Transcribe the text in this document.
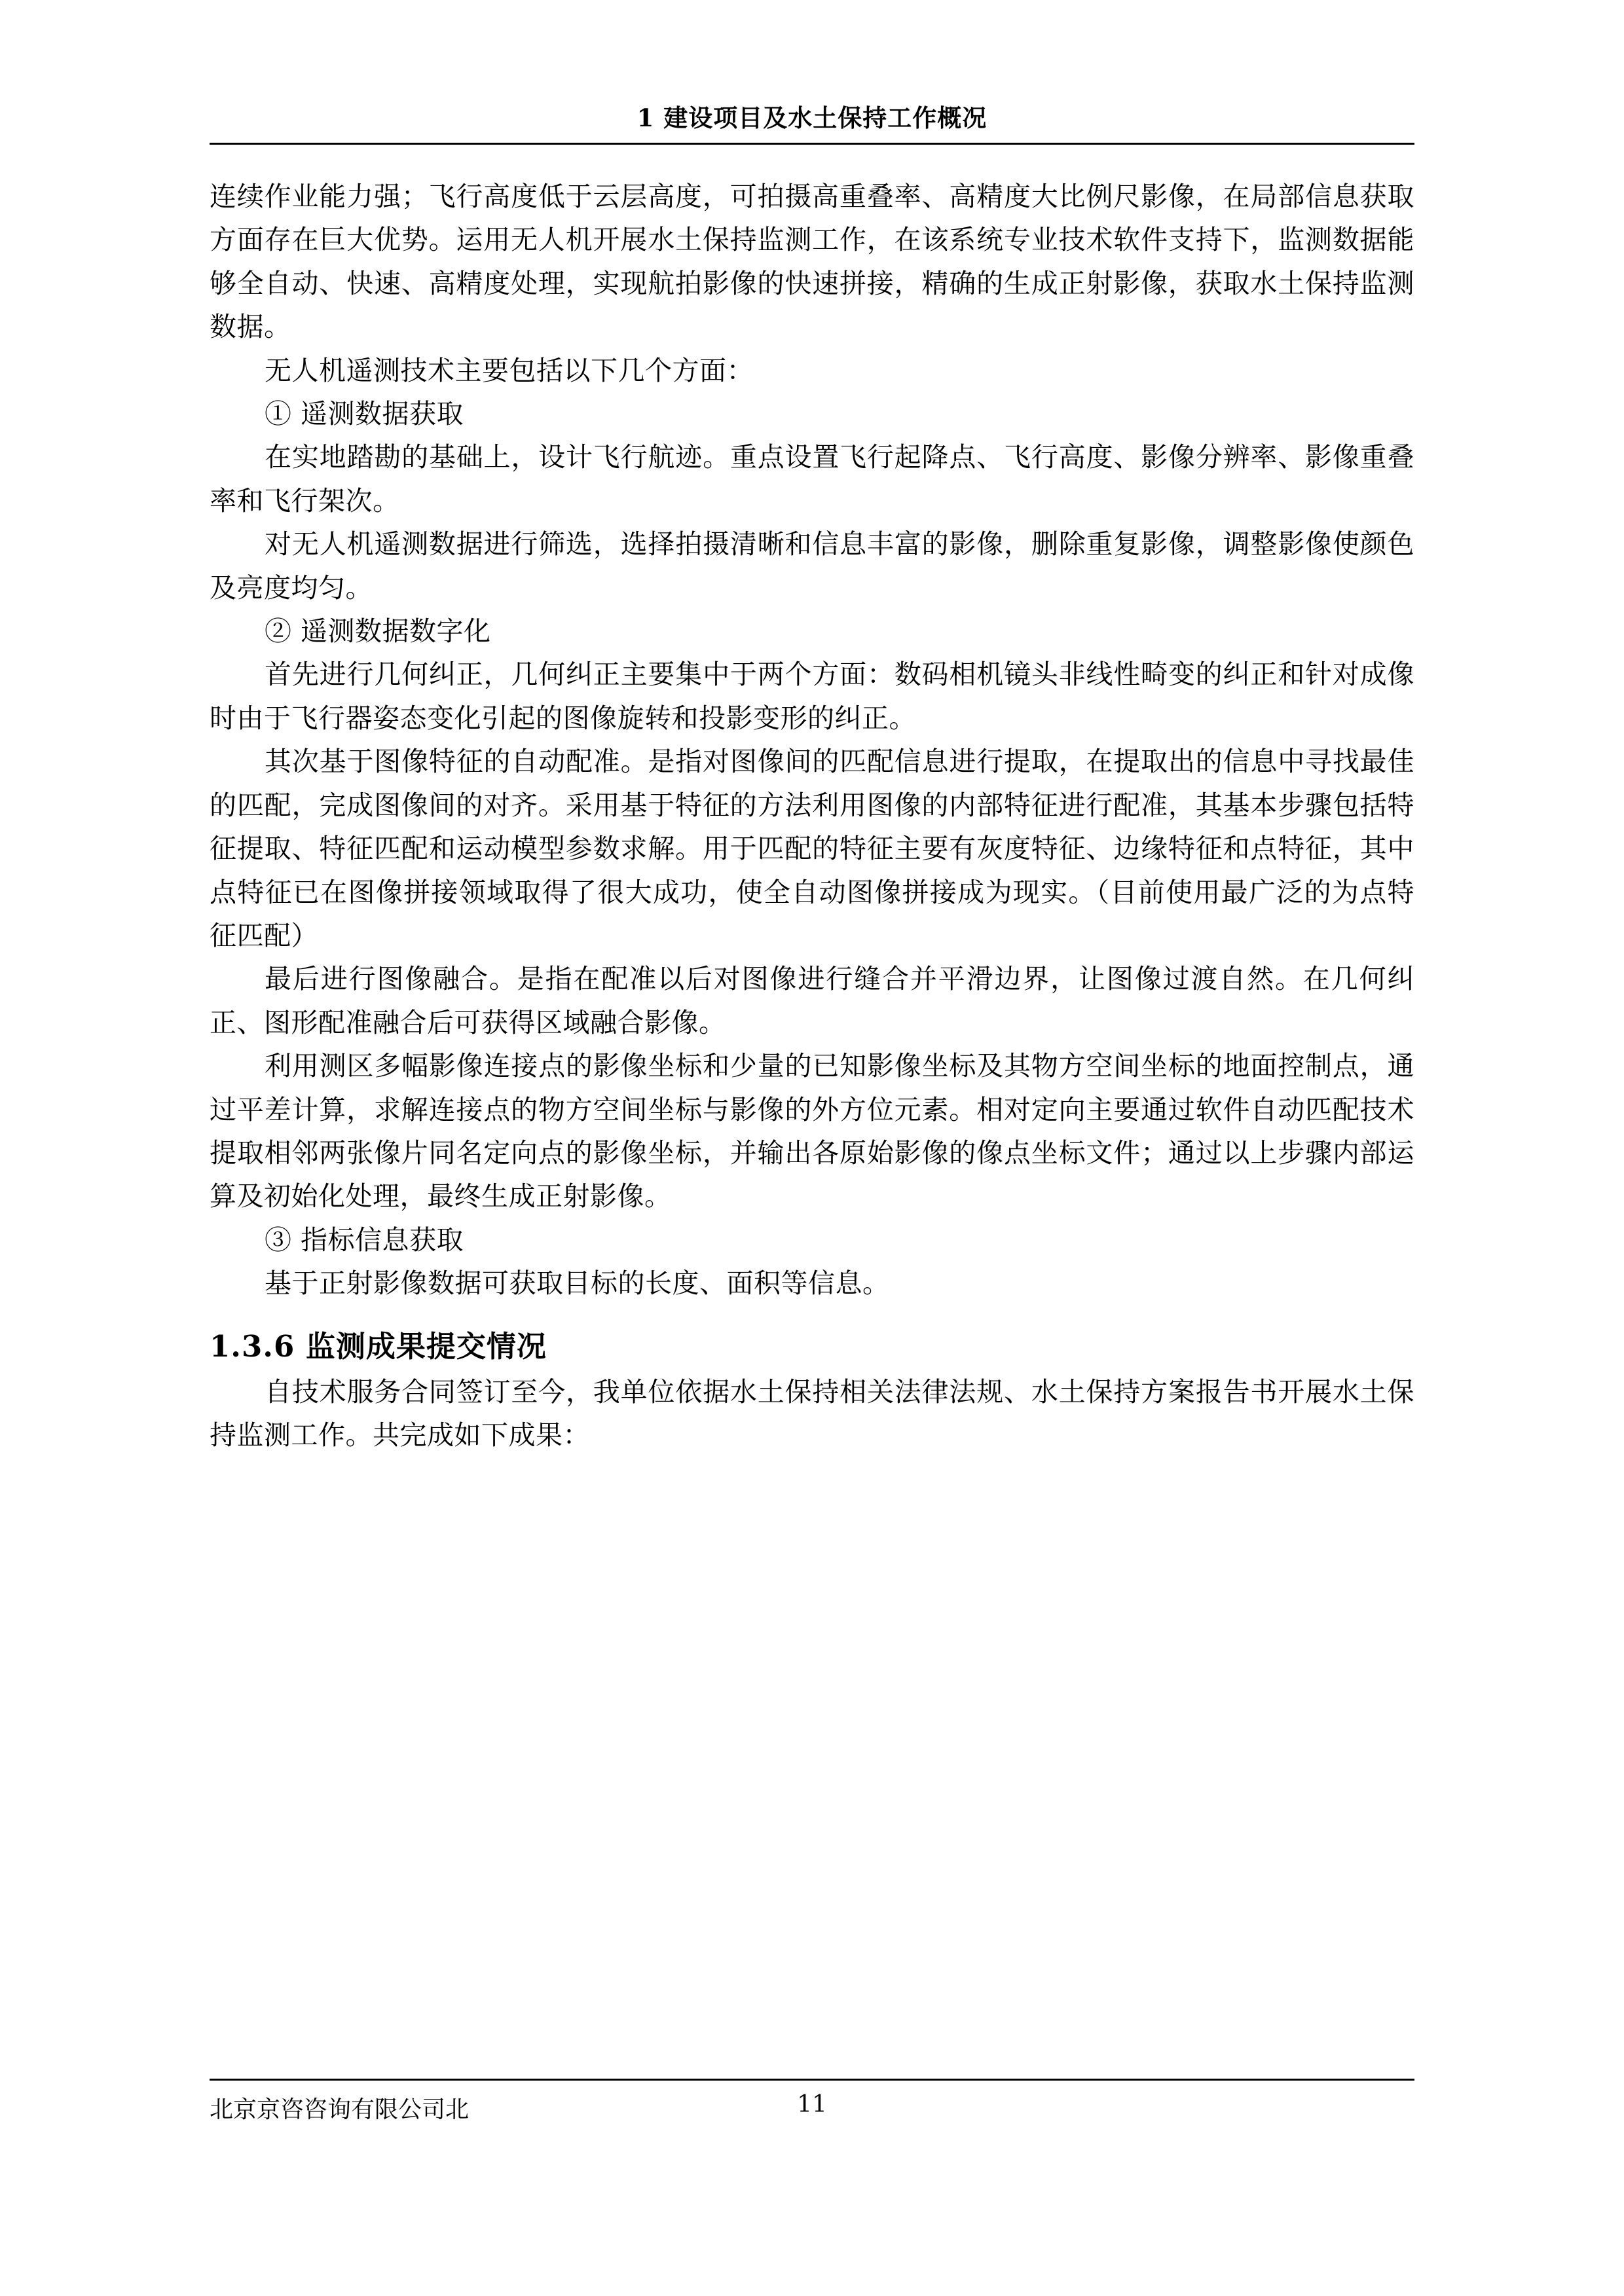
1 建设项目及水土保持工作概况

连续作业能力强；飞行高度低于云层高度，可拍摄高重叠率、高精度大比例尺影像，在局部信息获取方面存在巨大优势。运用无人机开展水土保持监测工作，在该系统专业技术软件支持下，监测数据能够全自动、快速、高精度处理，实现航拍影像的快速拼接，精确的生成正射影像，获取水土保持监测数据。

无人机遥测技术主要包括以下几个方面：

① 遥测数据获取

在实地踏勘的基础上，设计飞行航迹。重点设置飞行起降点、飞行高度、影像分辨率、影像重叠率和飞行架次。

对无人机遥测数据进行筛选，选择拍摄清晰和信息丰富的影像，删除重复影像，调整影像使颜色及亮度均匀。

② 遥测数据数字化

首先进行几何纠正，几何纠正主要集中于两个方面：数码相机镜头非线性畸变的纠正和针对成像时由于飞行器姿态变化引起的图像旋转和投影变形的纠正。

其次基于图像特征的自动配准。是指对图像间的匹配信息进行提取，在提取出的信息中寻找最佳的匹配，完成图像间的对齐。采用基于特征的方法利用图像的内部特征进行配准，其基本步骤包括特征提取、特征匹配和运动模型参数求解。用于匹配的特征主要有灰度特征、边缘特征和点特征，其中点特征已在图像拼接领域取得了很大成功，使全自动图像拼接成为现实。（目前使用最广泛的为点特征匹配）

最后进行图像融合。是指在配准以后对图像进行缝合并平滑边界，让图像过渡自然。在几何纠正、图形配准融合后可获得区域融合影像。

利用测区多幅影像连接点的影像坐标和少量的已知影像坐标及其物方空间坐标的地面控制点，通过平差计算，求解连接点的物方空间坐标与影像的外方位元素。相对定向主要通过软件自动匹配技术提取相邻两张像片同名定向点的影像坐标，并输出各原始影像的像点坐标文件；通过以上步骤内部运算及初始化处理，最终生成正射影像。

③ 指标信息获取

基于正射影像数据可获取目标的长度、面积等信息。

1.3.6 监测成果提交情况

自技术服务合同签订至今，我单位依据水土保持相关法律法规、水土保持方案报告书开展水土保持监测工作。共完成如下成果：

北京京咨咨询有限公司北	11
